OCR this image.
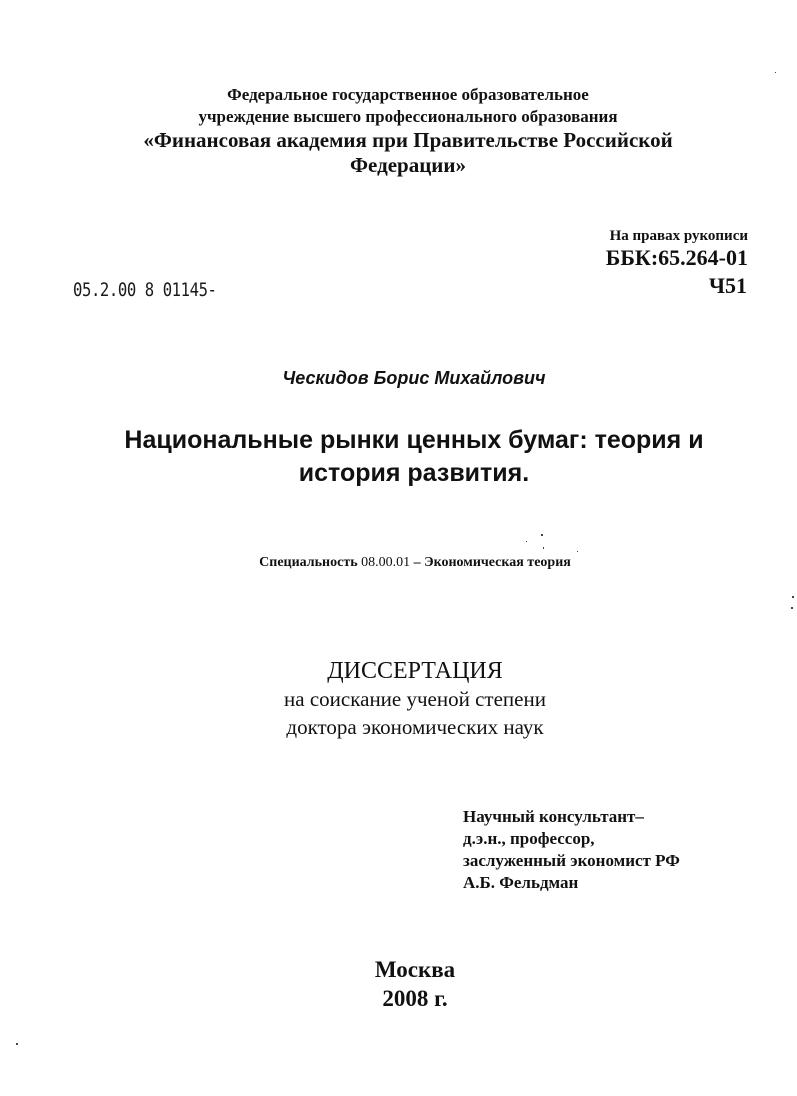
Федеральное государственное образовательное
учреждение высшего профессионального образования
«Финансовая академия при Правительстве Российской
Федерации»
На правах рукописи
ББК:65.264-01
Ч51
05.2.00 8 01145-
Ческидов Борис Михайлович
Национальные рынки ценных бумаг: теория и
история развития.
Специальность 08.00.01 – Экономическая теория
ДИССЕРТАЦИЯ
на соискание ученой степени
доктора экономических наук
Научный консультант–
д.э.н., профессор,
заслуженный экономист РФ
А.Б. Фельдман
Москва
2008 г.
